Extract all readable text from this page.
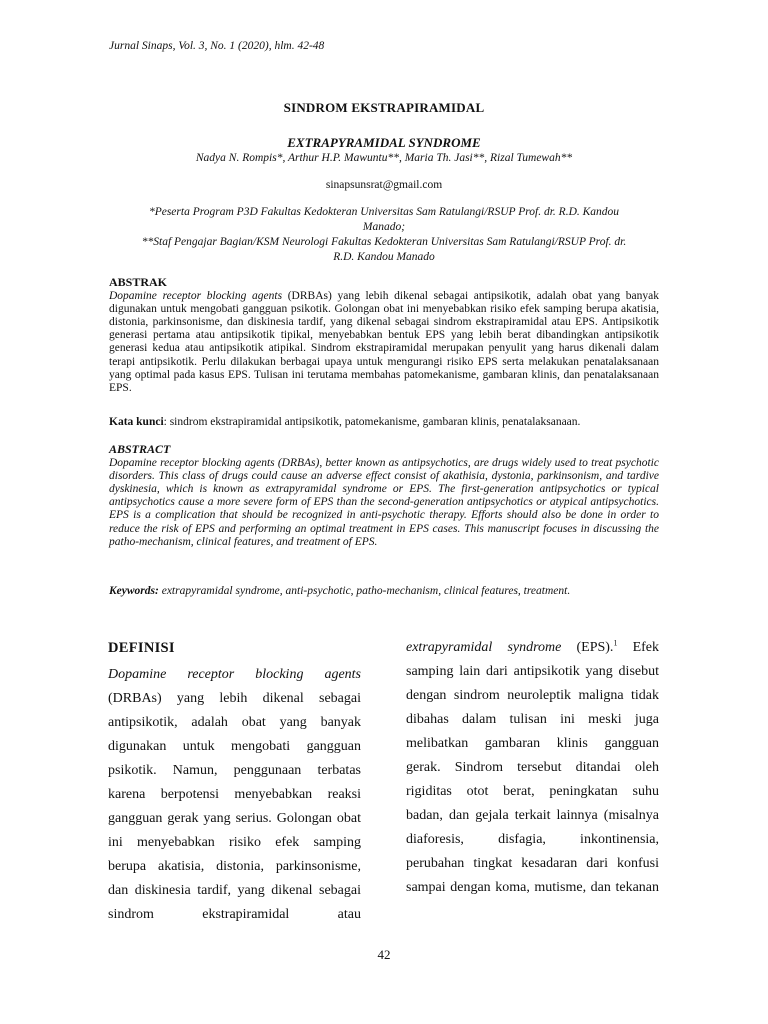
Jurnal Sinaps, Vol. 3, No. 1 (2020), hlm. 42-48
SINDROM EKSTRAPIRAMIDAL
EXTRAPYRAMIDAL SYNDROME
Nadya N. Rompis*, Arthur H.P. Mawuntu**, Maria Th. Jasi**, Rizal Tumewah**
sinapsunsrat@gmail.com
*Peserta Program P3D Fakultas Kedokteran Universitas Sam Ratulangi/RSUP Prof. dr. R.D. Kandou
Manado;
**Staf Pengajar Bagian/KSM Neurologi Fakultas Kedokteran Universitas Sam Ratulangi/RSUP Prof. dr.
R.D. Kandou Manado
ABSTRAK
Dopamine receptor blocking agents (DRBAs) yang lebih dikenal sebagai antipsikotik, adalah obat yang banyak digunakan untuk mengobati gangguan psikotik. Golongan obat ini menyebabkan risiko efek samping berupa akatisia, distonia, parkinsonisme, dan diskinesia tardif, yang dikenal sebagai sindrom ekstrapiramidal atau EPS. Antipsikotik generasi pertama atau antipsikotik tipikal, menyebabkan bentuk EPS yang lebih berat dibandingkan antipsikotik generasi kedua atau antipsikotik atipikal. Sindrom ekstrapiramidal merupakan penyulit yang harus dikenali dalam terapi antipsikotik. Perlu dilakukan berbagai upaya untuk mengurangi risiko EPS serta melakukan penatalaksanaan yang optimal pada kasus EPS. Tulisan ini terutama membahas patomekanisme, gambaran klinis, dan penatalaksanaan EPS.
Kata kunci: sindrom ekstrapiramidal antipsikotik, patomekanisme, gambaran klinis, penatalaksanaan.
ABSTRACT
Dopamine receptor blocking agents (DRBAs), better known as antipsychotics, are drugs widely used to treat psychotic disorders. This class of drugs could cause an adverse effect consist of akathisia, dystonia, parkinsonism, and tardive dyskinesia, which is known as extrapyramidal syndrome or EPS. The first-generation antipsychotics or typical antipsychotics cause a more severe form of EPS than the second-generation antipsychotics or atypical antipsychotics. EPS is a complication that should be recognized in anti-psychotic therapy. Efforts should also be done in order to reduce the risk of EPS and performing an optimal treatment in EPS cases. This manuscript focuses in discussing the patho-mechanism, clinical features, and treatment of EPS.
Keywords: extrapyramidal syndrome, anti-psychotic, patho-mechanism, clinical features, treatment.
DEFINISI
Dopamine receptor blocking agents
(DRBAs) yang lebih dikenal sebagai
antipsikotik, adalah obat yang banyak
digunakan untuk mengobati gangguan
psikotik. Namun, penggunaan terbatas
karena berpotensi menyebabkan reaksi
gangguan gerak yang serius. Golongan obat
ini menyebabkan risiko efek samping
berupa akatisia, distonia, parkinsonisme,
dan diskinesia tardif, yang dikenal sebagai
sindrom ekstrapiramidal atau
extrapyramidal syndrome (EPS).$^1$ Efek
samping lain dari antipsikotik yang disebut
dengan sindrom neuroleptik maligna tidak
dibahas dalam tulisan ini meski juga
melibatkan gambaran klinis gangguan
gerak. Sindrom tersebut ditandai oleh
rigiditas otot berat, peningkatan suhu
badan, dan gejala terkait lainnya (misalnya
diaforesis, disfagia, inkontinensia,
perubahan tingkat kesadaran dari konfusi
sampai dengan koma, mutisme, dan tekanan
42
